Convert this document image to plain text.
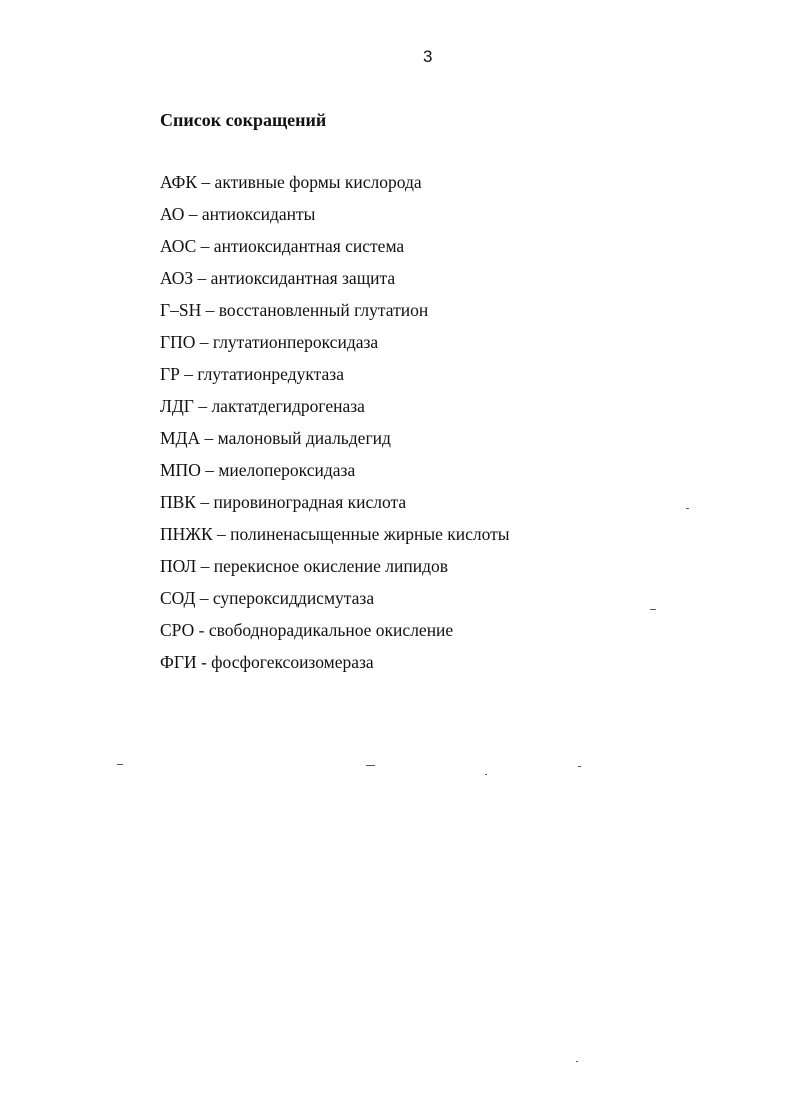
3
Список сокращений
АФК – активные формы кислорода
АО – антиоксиданты
АОС – антиоксидантная система
АОЗ – антиоксидантная защита
Г–SH – восстановленный глутатион
ГПО – глутатионпероксидаза
ГР – глутатионредуктаза
ЛДГ – лактатдегидрогеназа
МДА – малоновый диальдегид
МПО – миелопероксидаза
ПВК – пировиноградная кислота
ПНЖК – полиненасыщенные жирные кислоты
ПОЛ – перекисное окисление липидов
СОД – супероксиддисмутаза
СРО - свободнорадикальное окисление
ФГИ - фосфогексоизомераза
